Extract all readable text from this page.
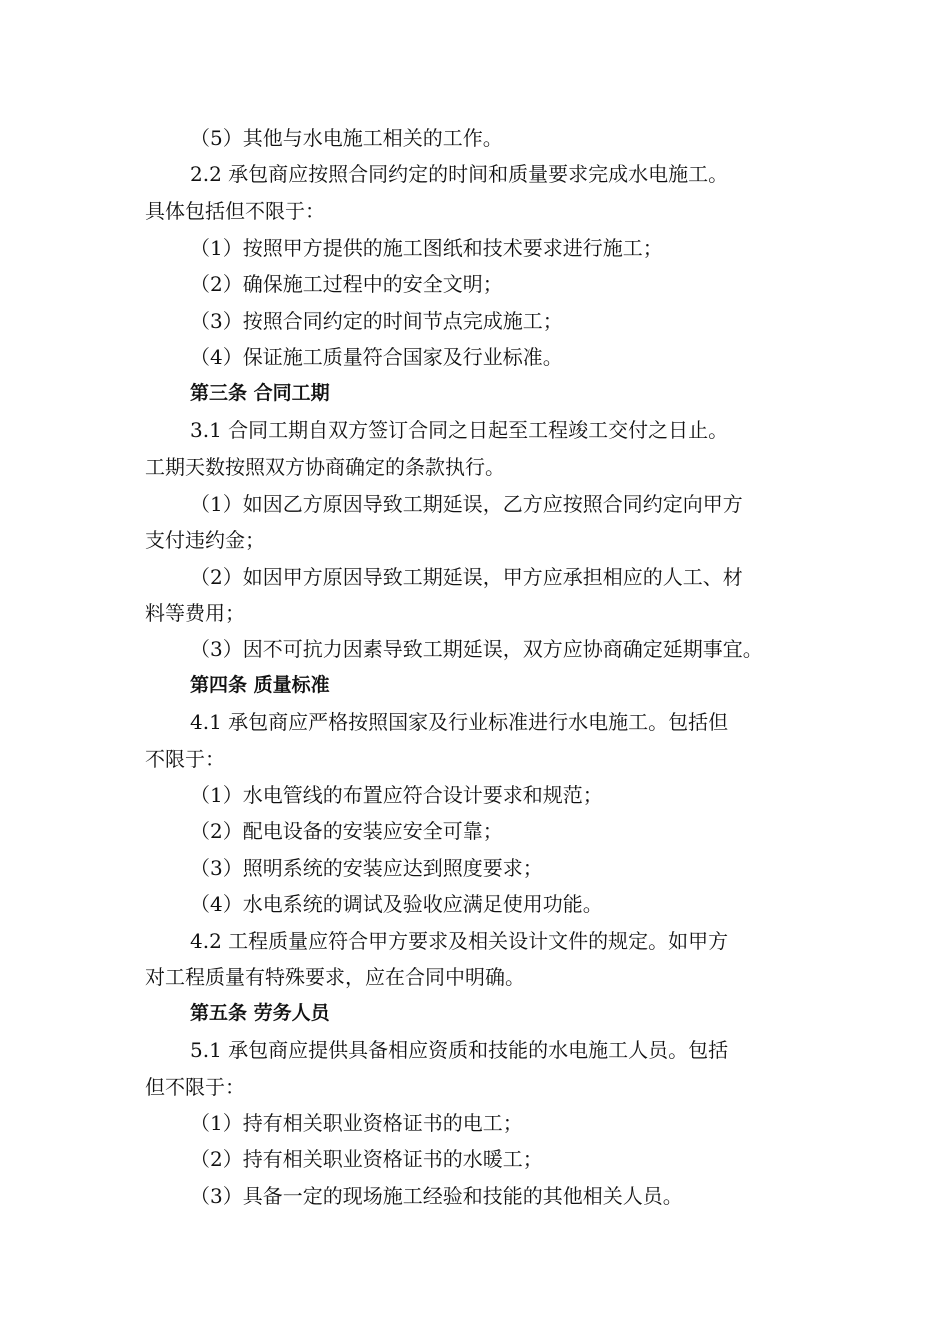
（5）其他与水电施工相关的工作。
2.2 承包商应按照合同约定的时间和质量要求完成水电施工。
具体包括但不限于：
（1）按照甲方提供的施工图纸和技术要求进行施工；
（2）确保施工过程中的安全文明；
（3）按照合同约定的时间节点完成施工；
（4）保证施工质量符合国家及行业标准。
第三条 合同工期
3.1 合同工期自双方签订合同之日起至工程竣工交付之日止。
工期天数按照双方协商确定的条款执行。
（1）如因乙方原因导致工期延误，乙方应按照合同约定向甲方
支付违约金；
（2）如因甲方原因导致工期延误，甲方应承担相应的人工、材
料等费用；
（3）因不可抗力因素导致工期延误，双方应协商确定延期事宜。
第四条 质量标准
4.1 承包商应严格按照国家及行业标准进行水电施工。包括但
不限于：
（1）水电管线的布置应符合设计要求和规范；
（2）配电设备的安装应安全可靠；
（3）照明系统的安装应达到照度要求；
（4）水电系统的调试及验收应满足使用功能。
4.2 工程质量应符合甲方要求及相关设计文件的规定。如甲方
对工程质量有特殊要求，应在合同中明确。
第五条 劳务人员
5.1 承包商应提供具备相应资质和技能的水电施工人员。包括
但不限于：
（1）持有相关职业资格证书的电工；
（2）持有相关职业资格证书的水暖工；
（3）具备一定的现场施工经验和技能的其他相关人员。
